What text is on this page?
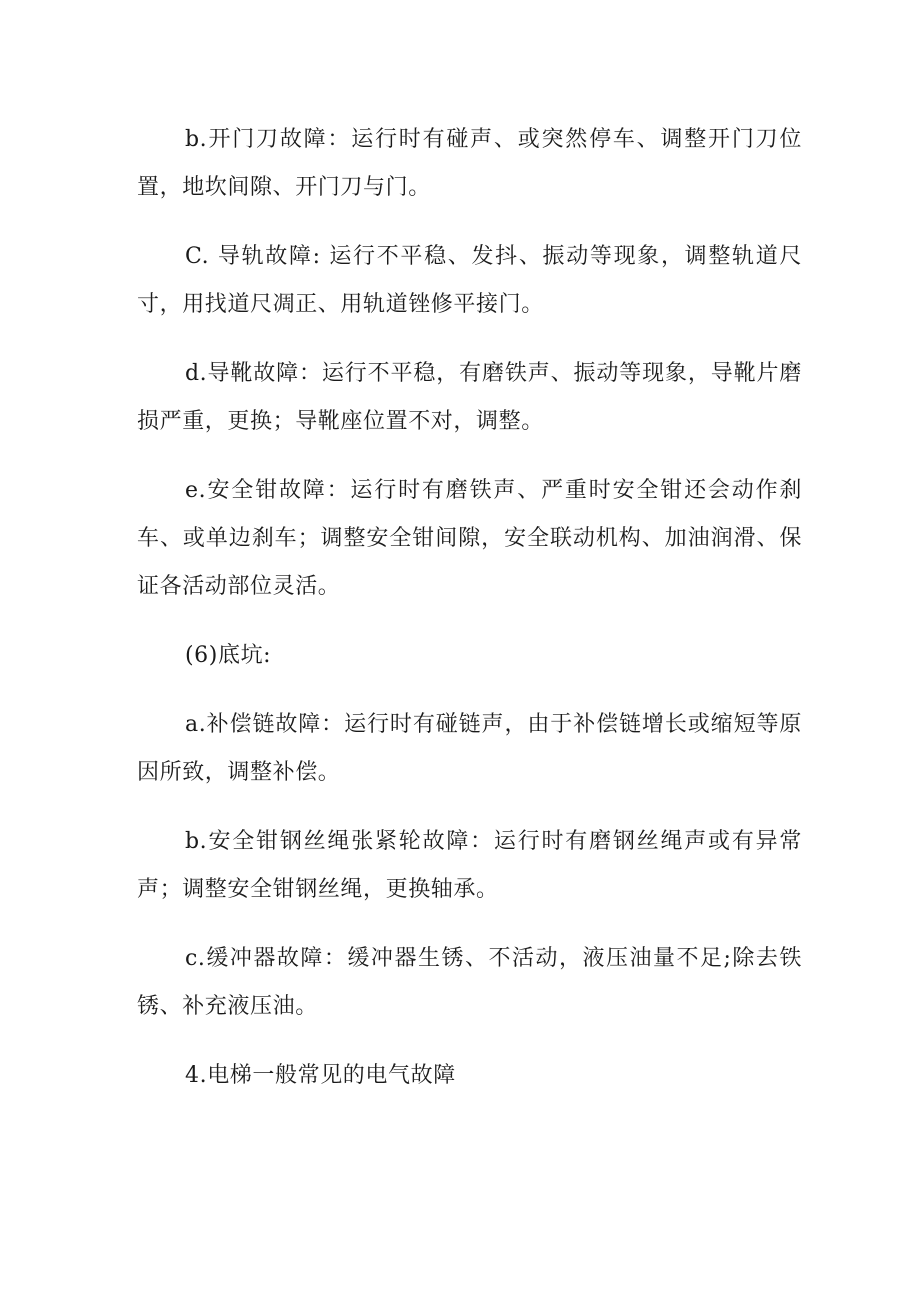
b.开门刀故障：运行时有碰声、或突然停车、调整开门刀位置，地坎间隙、开门刀与门。

C. 导轨故障: 运行不平稳、发抖、振动等现象，调整轨道尺寸，用找道尺凋正、用轨道锉修平接门。

d.导靴故障：运行不平稳，有磨铁声、振动等现象，导靴片磨损严重，更换；导靴座位置不对，调整。

e.安全钳故障：运行时有磨铁声、严重时安全钳还会动作刹车、或单边刹车；调整安全钳间隙，安全联动机构、加油润滑、保证各活动部位灵活。

(6)底坑:

a.补偿链故障：运行时有碰链声，由于补偿链增长或缩短等原因所致，调整补偿。

b.安全钳钢丝绳张紧轮故障：运行时有磨钢丝绳声或有异常声；调整安全钳钢丝绳，更换轴承。

c.缓冲器故障：缓冲器生锈、不活动，液压油量不足;除去铁锈、补充液压油。

4.电梯一般常见的电气故障
